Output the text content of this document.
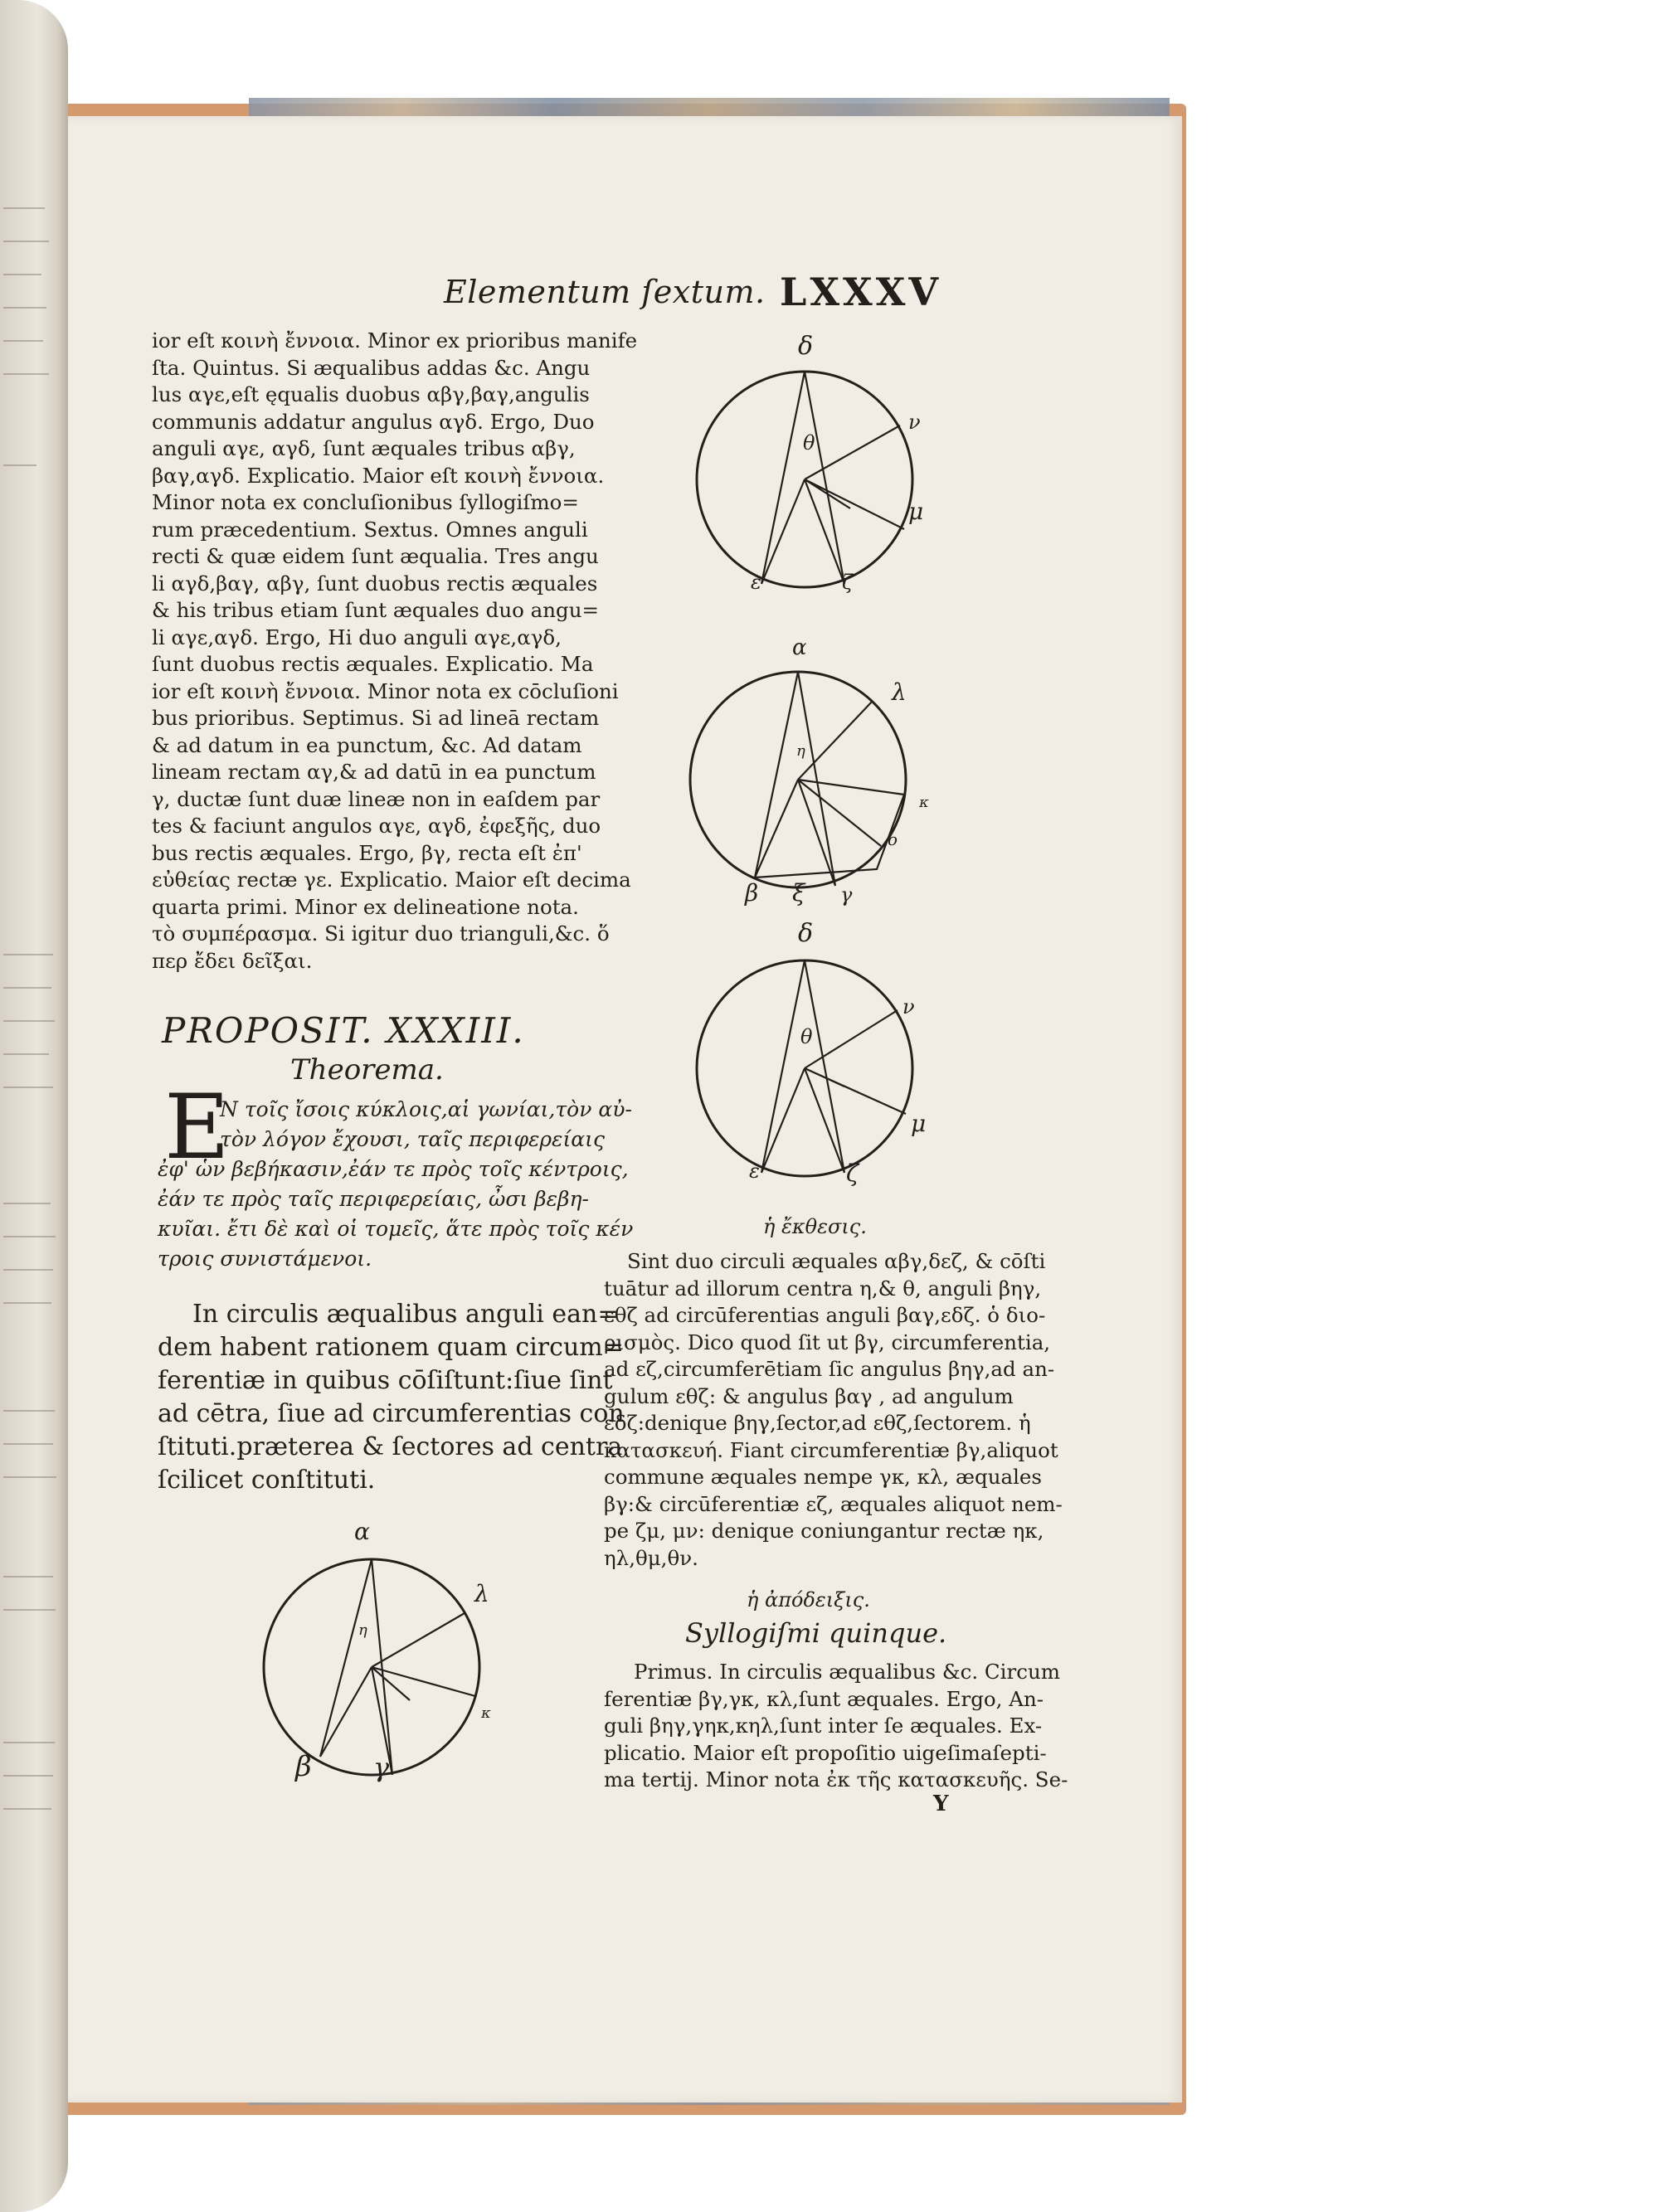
Elementum ſextum. LXXXV
ior eſt κοινὴ ἔννοια. Minor ex prioribus manife
ſta. Quintus. Si æqualibus addas &c. Angu
lus αγε,eſt ęqualis duobus αβγ,βαγ,angulis
communis addatur angulus αγδ. Ergo, Duo
anguli αγε, αγδ, ſunt æquales tribus αβγ,
βαγ,αγδ. Explicatio. Maior eſt κοινὴ ἔννοια.
Minor nota ex concluſionibus ſyllogiſmo=
rum præcedentium. Sextus. Omnes anguli
recti & quæ eidem ſunt æqualia. Tres angu
li αγδ,βαγ, αβγ, ſunt duobus rectis æquales
& his tribus etiam ſunt æquales duo angu=
li αγε,αγδ. Ergo, Hi duo anguli αγε,αγδ,
ſunt duobus rectis æquales. Explicatio. Ma
ior eſt κοινὴ ἔννοια. Minor nota ex cōcluſioni
bus prioribus. Septimus. Si ad lineā rectam
& ad datum in ea punctum, &c. Ad datam
lineam rectam αγ,& ad datū in ea punctum
γ, ductæ ſunt duæ lineæ non in eaſdem par
tes & faciunt angulos αγε, αγδ, ἐφεξῆς, duo
bus rectis æquales. Ergo, βγ, recta eſt ἐπ'
εὐθείας rectæ γε. Explicatio. Maior eſt decima
quarta primi. Minor ex delineatione nota.
τὸ συμπέρασμα. Si igitur duo trianguli,&c. ὅ
περ ἔδει δεῖξαι.
PROPOSIT. XXXIII.
Theorema.
E
N τοῖς ἴσοις κύκλοις,αἱ γωνίαι,τὸν αὐ-
τὸν λόγον ἔχουσι, ταῖς περιφερείαις
ἐφ' ὧν βεβήκασιν,ἐάν τε πρὸς τοῖς κέντροις,
ἐάν τε πρὸς ταῖς περιφερείαις, ὦσι βεβη-
κυῖαι. ἔτι δὲ καὶ οἱ τομεῖς, ἅτε πρὸς τοῖς κέν
τροις συνιστάμενοι.
In circulis æqualibus anguli ean=
dem habent rationem quam circum=
ferentiæ in quibus cōſiſtunt:ſiue ſint
ad cētra, ſiue ad circumferentias con
ſtituti.præterea & ſectores ad centra
ſcilicet conſtituti.
δ
θ
ν
μ
ε	ζ
α
η
λ
κ
ο
β ξ γ
δ
θ
ν
μ
ε	ζ
ἡ ἔκθεσις.
Sint duo circuli æquales αβγ,δεζ, & cōſti
tuātur ad illorum centra η,& θ, anguli βηγ,
εθζ ad circūferentias anguli βαγ,εδζ. ὁ διο-
ρισμὸς. Dico quod ſit ut βγ, circumferentia,
ad εζ,circumferētiam ſic angulus βηγ,ad an-
gulum εθζ: & angulus βαγ , ad angulum
εδζ:denique βηγ,ſector,ad εθζ,ſectorem. ἡ
κατασκευή. Fiant circumferentiæ βγ,aliquot
commune æquales nempe γκ, κλ, æquales
βγ:& circūferentiæ εζ, æquales aliquot nem-
pe ζμ, μν: denique coniungantur rectæ ηκ,
ηλ,θμ,θν.
ἡ ἀπόδειξις.
Syllogiſmi quinque.
Primus. In circulis æqualibus &c. Circum
ferentiæ βγ,γκ, κλ,ſunt æquales. Ergo, An-
guli βηγ,γηκ,κηλ,ſunt inter ſe æquales. Ex-
plicatio. Maior eſt propoſitio uigeſimaſepti-
ma tertij. Minor nota ἐκ τῆς κατασκευῆς. Se-
Y
α
η
λ
κ
β γ
